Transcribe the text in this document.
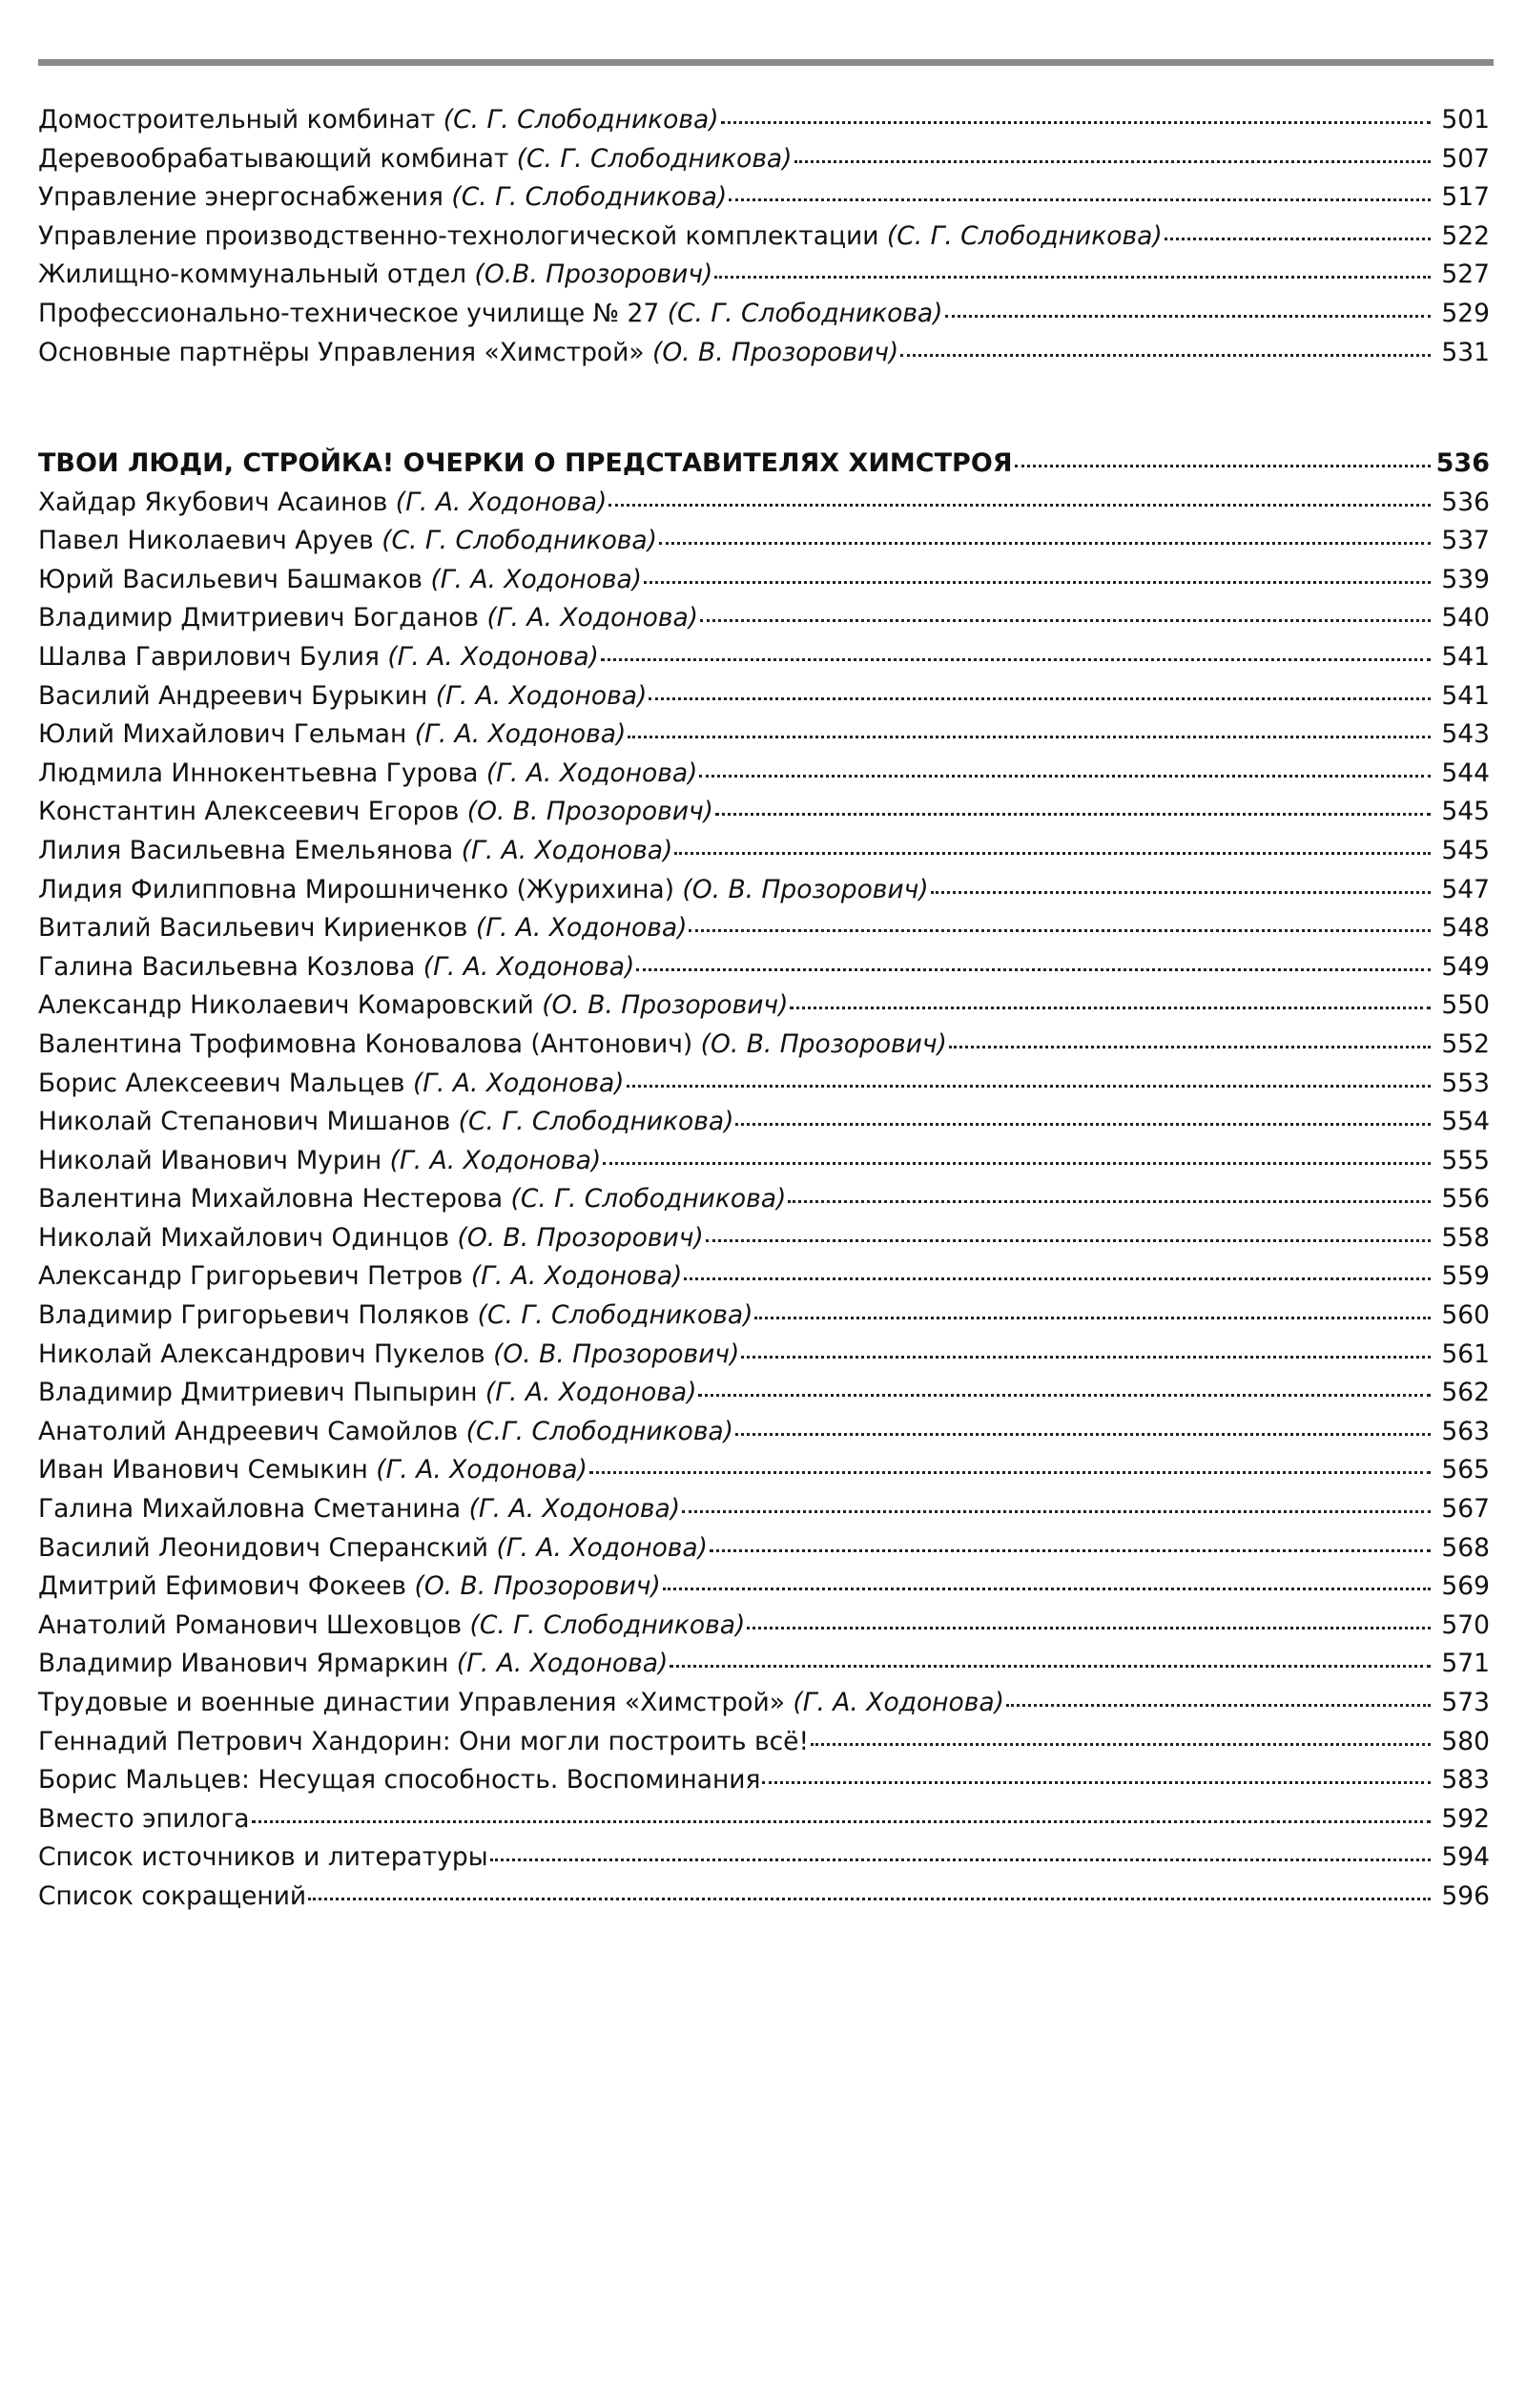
Домостроительный комбинат (С. Г. Слободникова)	501
Деревообрабатывающий комбинат (С. Г. Слободникова)	507
Управление энергоснабжения (С. Г. Слободникова)	517
Управление производственно-технологической комплектации (С. Г. Слободникова)	522
Жилищно-коммунальный отдел (О.В. Прозорович)	527
Профессионально-техническое училище № 27 (С. Г. Слободникова)	529
Основные партнёры Управления «Химстрой» (О. В. Прозорович)	531
ТВОИ ЛЮДИ, СТРОЙКА! ОЧЕРКИ О ПРЕДСТАВИТЕЛЯХ ХИМСТРОЯ	536
Хайдар Якубович Асаинов (Г. А. Ходонова)	536
Павел Николаевич Аруев (С. Г. Слободникова)	537
Юрий Васильевич Башмаков (Г. А. Ходонова)	539
Владимир Дмитриевич Богданов (Г. А. Ходонова)	540
Шалва Гаврилович Булия (Г. А. Ходонова)	541
Василий Андреевич Бурыкин (Г. А. Ходонова)	541
Юлий Михайлович Гельман (Г. А. Ходонова)	543
Людмила Иннокентьевна Гурова (Г. А. Ходонова)	544
Константин Алексеевич Егоров (О. В. Прозорович)	545
Лилия Васильевна Емельянова (Г. А. Ходонова)	545
Лидия Филипповна Мирошниченко (Журихина) (О. В. Прозорович)	547
Виталий Васильевич Кириенков (Г. А. Ходонова)	548
Галина Васильевна Козлова (Г. А. Ходонова)	549
Александр Николаевич Комаровский (О. В. Прозорович)	550
Валентина Трофимовна Коновалова (Антонович) (О. В. Прозорович)	552
Борис Алексеевич Мальцев (Г. А. Ходонова)	553
Николай Степанович Мишанов (С. Г. Слободникова)	554
Николай Иванович Мурин (Г. А. Ходонова)	555
Валентина Михайловна Нестерова (С. Г. Слободникова)	556
Николай Михайлович Одинцов (О. В. Прозорович)	558
Александр Григорьевич Петров (Г. А. Ходонова)	559
Владимир Григорьевич Поляков (С. Г. Слободникова)	560
Николай Александрович Пукелов (О. В. Прозорович)	561
Владимир Дмитриевич Пыпырин (Г. А. Ходонова)	562
Анатолий Андреевич Самойлов (С.Г. Слободникова)	563
Иван Иванович Семыкин (Г. А. Ходонова)	565
Галина Михайловна Сметанина (Г. А. Ходонова)	567
Василий Леонидович Сперанский (Г. А. Ходонова)	568
Дмитрий Ефимович Фокеев (О. В. Прозорович)	569
Анатолий Романович Шеховцов (С. Г. Слободникова)	570
Владимир Иванович Ярмаркин (Г. А. Ходонова)	571
Трудовые и военные династии Управления «Химстрой» (Г. А. Ходонова)	573
Геннадий Петрович Хандорин: Они могли построить всё!	580
Борис Мальцев: Несущая способность. Воспоминания	583
Вместо эпилога	592
Список источников и литературы	594
Список сокращений	596
